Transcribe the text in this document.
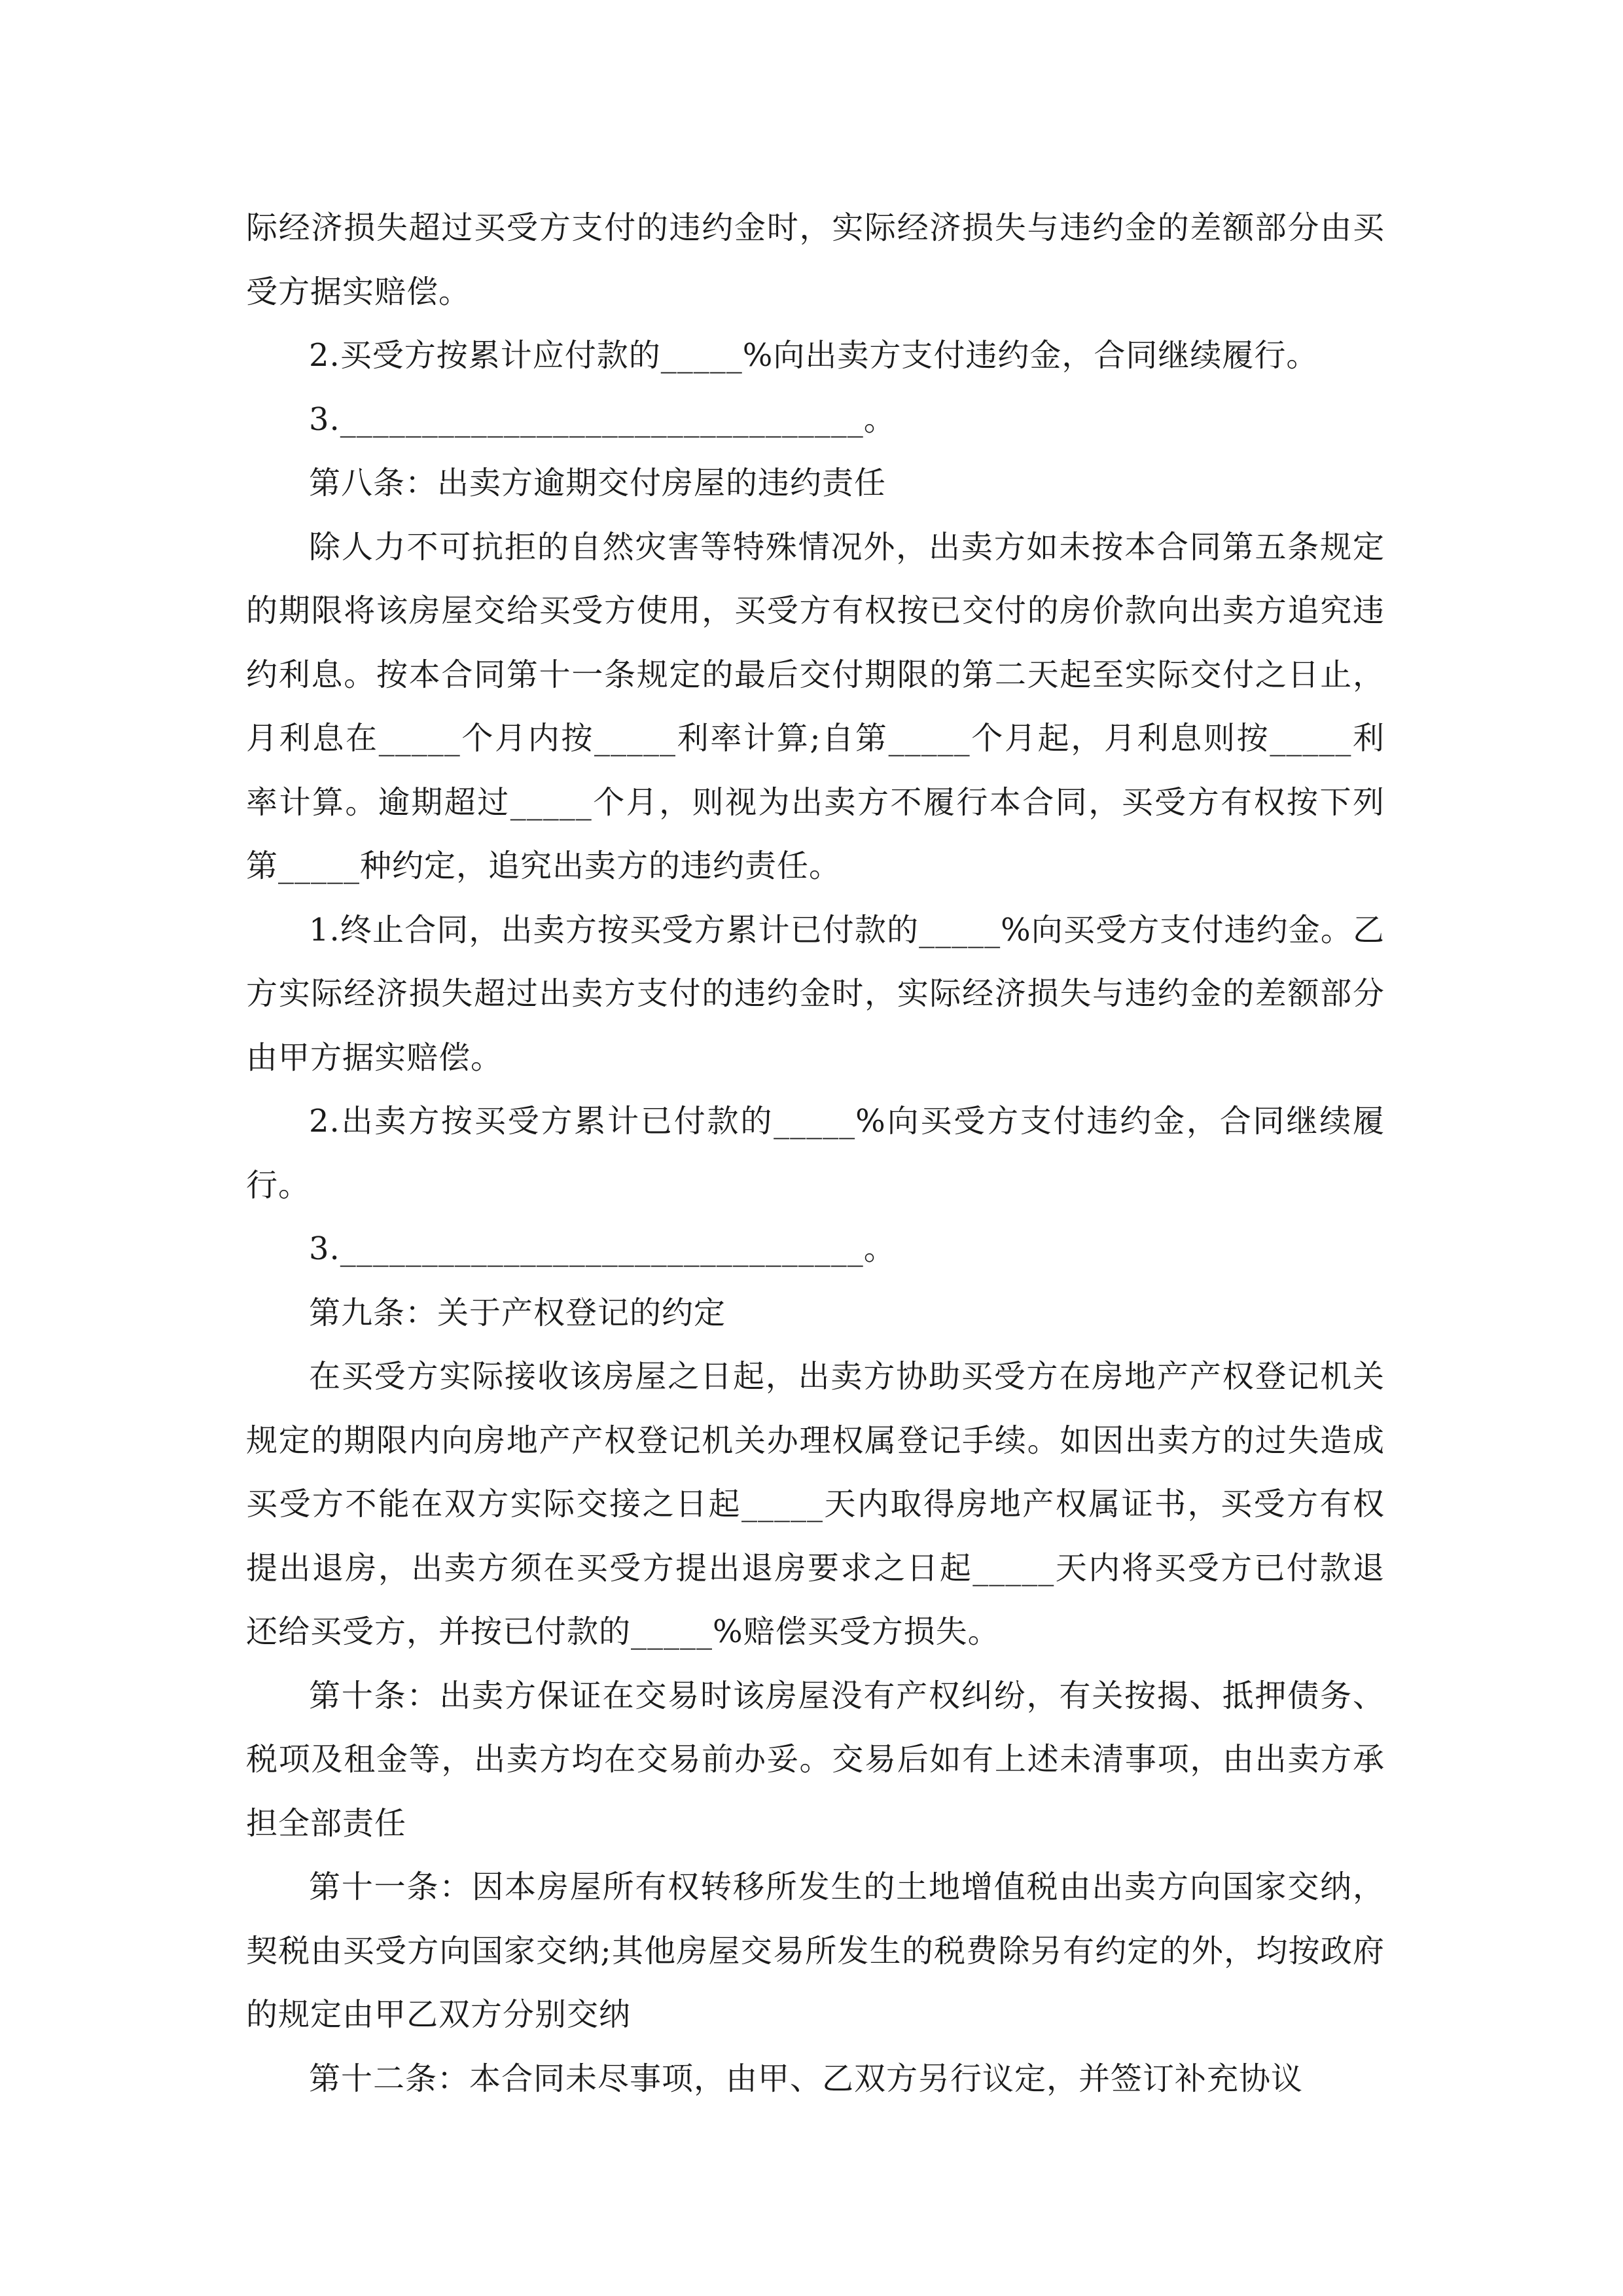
际经济损失超过买受方支付的违约金时，实际经济损失与违约金的差额部分由买受方据实赔偿。

2.买受方按累计应付款的_____%向出卖方支付违约金，合同继续履行。

3.________________________________。

第八条：出卖方逾期交付房屋的违约责任

除人力不可抗拒的自然灾害等特殊情况外，出卖方如未按本合同第五条规定的期限将该房屋交给买受方使用，买受方有权按已交付的房价款向出卖方追究违约利息。按本合同第十一条规定的最后交付期限的第二天起至实际交付之日止，月利息在_____个月内按_____利率计算;自第_____个月起，月利息则按_____利率计算。逾期超过_____个月，则视为出卖方不履行本合同，买受方有权按下列第_____种约定，追究出卖方的违约责任。

1.终止合同，出卖方按买受方累计已付款的_____%向买受方支付违约金。乙方实际经济损失超过出卖方支付的违约金时，实际经济损失与违约金的差额部分由甲方据实赔偿。

2.出卖方按买受方累计已付款的_____%向买受方支付违约金，合同继续履行。

3.________________________________。

第九条：关于产权登记的约定

在买受方实际接收该房屋之日起，出卖方协助买受方在房地产产权登记机关规定的期限内向房地产产权登记机关办理权属登记手续。如因出卖方的过失造成买受方不能在双方实际交接之日起_____天内取得房地产权属证书，买受方有权提出退房，出卖方须在买受方提出退房要求之日起_____天内将买受方已付款退还给买受方，并按已付款的_____%赔偿买受方损失。

第十条：出卖方保证在交易时该房屋没有产权纠纷，有关按揭、抵押债务、税项及租金等，出卖方均在交易前办妥。交易后如有上述未清事项，由出卖方承担全部责任

第十一条：因本房屋所有权转移所发生的土地增值税由出卖方向国家交纳，契税由买受方向国家交纳;其他房屋交易所发生的税费除另有约定的外，均按政府的规定由甲乙双方分别交纳

第十二条：本合同未尽事项，由甲、乙双方另行议定，并签订补充协议
